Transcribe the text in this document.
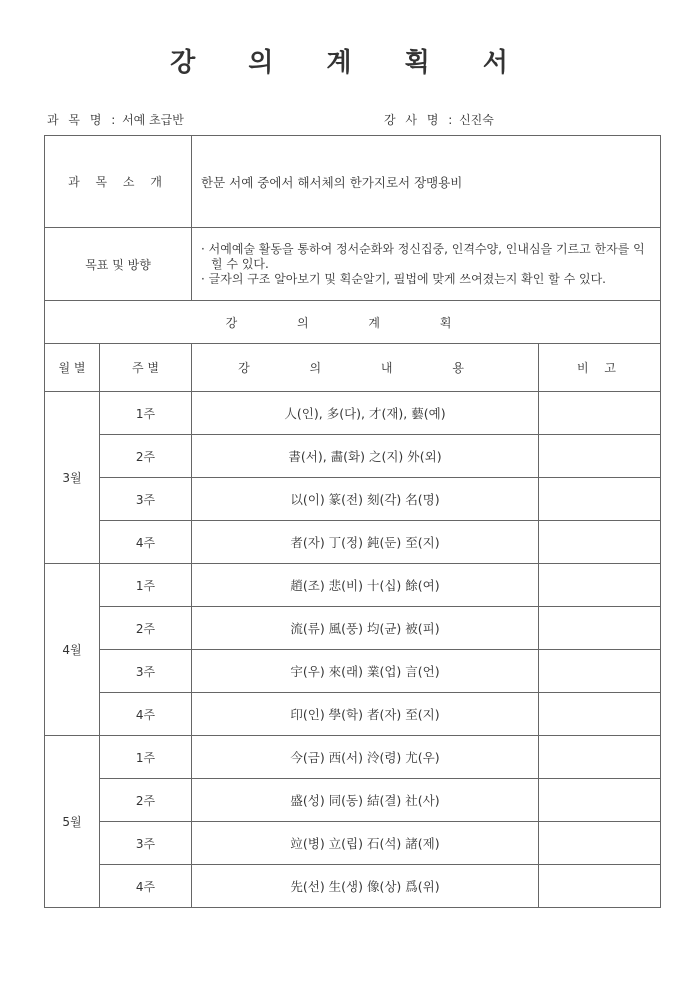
강 의 계 획 서
과 목 명 : 서예 초급반	강 사 명 : 신진숙
과 목 소 개		한문 서예 중에서 해서체의 한가지로서 장맹용비	
목표 및 방향		· 서예예술 활동을 통하여 정서순화와 정신집중, 인격수양, 인내심을 기르고 한자를 익힐 수 있다.
· 글자의 구조 알아보기 및 획순알기, 필법에 맞게 쓰여졌는지 확인 할 수 있다.	

강 의 계 획			
월 별	주 별	강 의 내 용	비 고
3월	1주	人(인), 多(다), 才(재), 藝(예)	
	2주	書(서), 畵(화) 之(지) 外(외)	
	3주	以(이) 篆(전) 刻(각) 名(명)	
	4주	者(자) 丁(정) 鈍(둔) 至(지)	
4월	1주	趙(조) 悲(비) 十(십) 餘(여)	
	2주	流(류) 風(풍) 均(균) 被(피)	
	3주	宇(우) 來(래) 業(업) 言(언)	
	4주	印(인) 學(학) 者(자) 至(지)	
5월	1주	今(금) 西(서) 泠(령) 尤(우)	
	2주	盛(성) 同(동) 結(결) 社(사)	
	3주	竝(병) 立(립) 石(석) 諸(제)	
	4주	先(선) 生(생) 像(상) 爲(위)	
